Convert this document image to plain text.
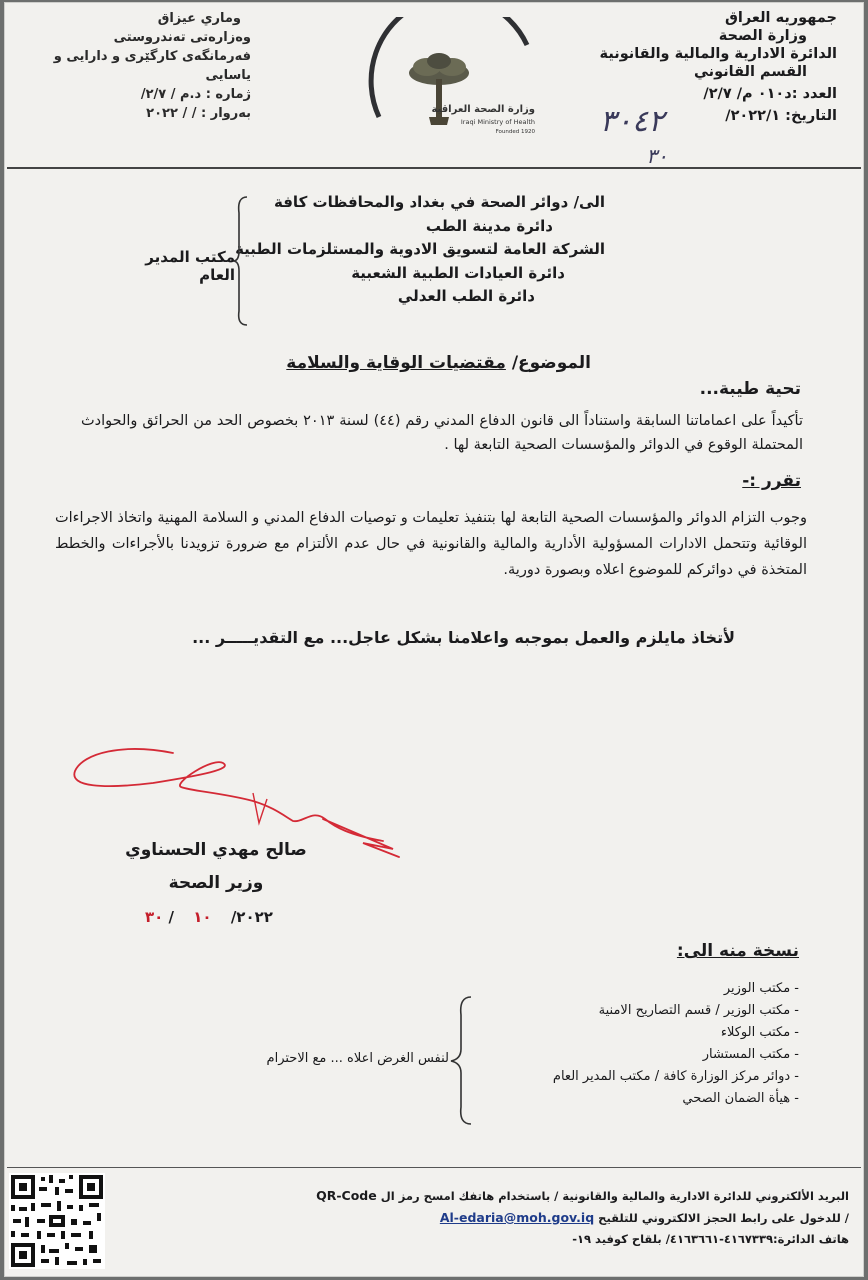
جمهوريه العراق
وزارة الصحة
الدائرة الادارية والمالية والقانونية
القسم القانوني
العدد :د٠١٠ م/ ٢/٧/
التاريخ: ٢٠٢٢/١/
٣٠٤٢
٣٠
وزارة الصحة العراقية
Iraqi Ministry of Health
Founded 1920
وماري عيزاق
وەزارەتی تەندروستی
فەرمانگەی کارگێری و دارایی و یاسایی
ژمارە : د.م / ٢/٧/
بەروار : / / ٢٠٢٢
الى/ دوائر الصحة في بغداد والمحافظات كافة
دائرة مدينة الطب
الشركة العامة لتسويق الادوية والمستلزمات الطبية
دائرة العيادات الطبية الشعبية
دائرة الطب العدلي
مكتب المدير العام
الموضوع/ مقتضيات الوقاية والسلامة
تحية طيبة...
تأكيداً على اعماماتنا السابقة واستناداً الى قانون الدفاع المدني رقم (٤٤) لسنة ٢٠١٣ بخصوص الحد من الحرائق والحوادث المحتملة الوقوع في الدوائر والمؤسسات الصحية التابعة لها .
تقرر :-
وجوب التزام الدوائر والمؤسسات الصحية التابعة لها بتنفيذ تعليمات و توصيات الدفاع المدني و السلامة المهنية واتخاذ الاجراءات الوقائية وتتحمل الادارات المسؤولية الأدارية والمالية والقانونية في حال عدم الألتزام مع ضرورة تزويدنا بالأجراءات والخطط المتخذة في دوائركم للموضوع اعلاه وبصورة دورية.
لأتخاذ مايلزم والعمل بموجبه واعلامنا بشكل عاجل... مع التقديـــــر ...
صالح مهدي الحسناوي
وزير الصحة
٢٠٢٢/ ١٠ / ٣٠
نسخة منه الى:
- مكتب الوزير
- مكتب الوزير / قسم التصاريح الامنية
- مكتب الوكلاء
- مكتب المستشار
- دوائر مركز الوزارة كافة / مكتب المدير العام
- هيأة الضمان الصحي
لنفس الغرض اعلاه ... مع الاحترام
البريد الألكتروني للدائرة الادارية والمالية والقانونية / باستخدام هاتفك امسح رمز ال QR-Code
/ للدخول على رابط الحجز الالكتروني للتلقيح Al-edaria@moh.gov.iq
هاتف الدائرة:٤١٦٧٣٣٩-٤١٦٣٦٦١/ بلقاح كوفيد ١٩-
